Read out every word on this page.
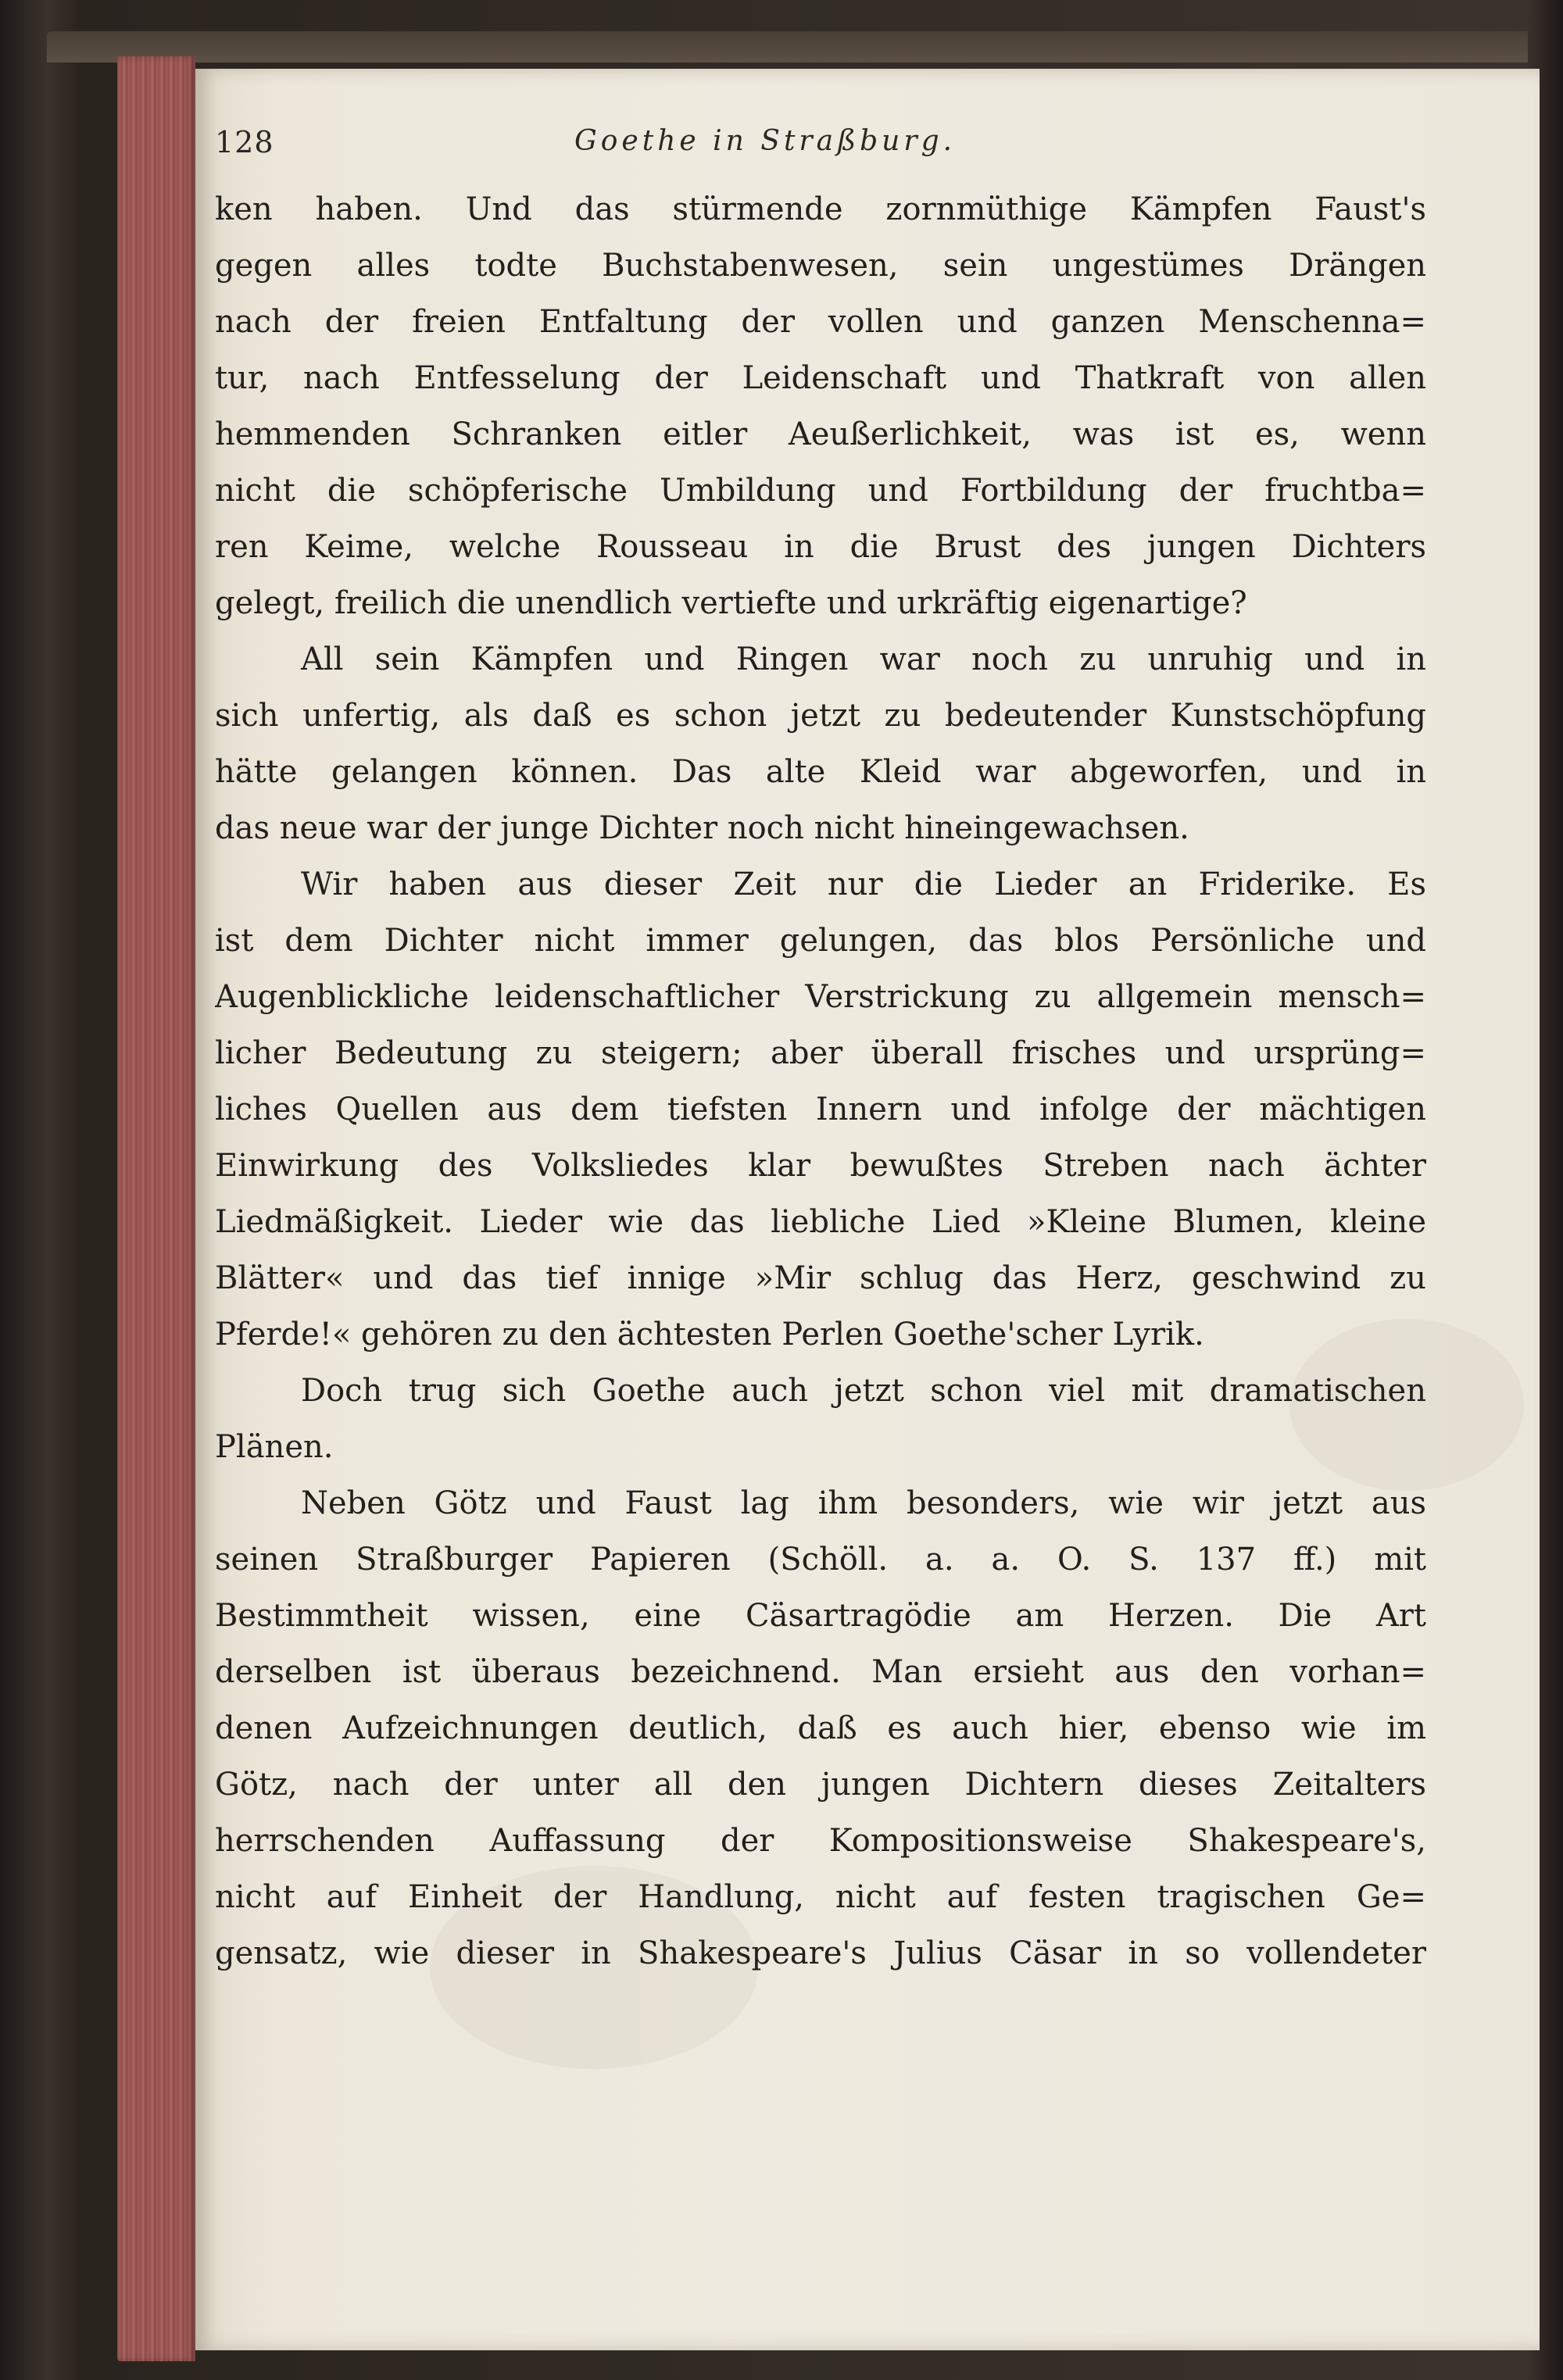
128	Goethe in Straßburg.
ken haben. Und das stürmende zornmüthige Kämpfen Faust's
gegen alles todte Buchstabenwesen, sein ungestümes Drängen
nach der freien Entfaltung der vollen und ganzen Menschenna=
tur, nach Entfesselung der Leidenschaft und Thatkraft von allen
hemmenden Schranken eitler Aeußerlichkeit, was ist es, wenn
nicht die schöpferische Umbildung und Fortbildung der fruchtba=
ren Keime, welche Rousseau in die Brust des jungen Dichters
gelegt, freilich die unendlich vertiefte und urkräftig eigenartige?
All sein Kämpfen und Ringen war noch zu unruhig und in
sich unfertig, als daß es schon jetzt zu bedeutender Kunstschöpfung
hätte gelangen können. Das alte Kleid war abgeworfen, und in
das neue war der junge Dichter noch nicht hineingewachsen.
Wir haben aus dieser Zeit nur die Lieder an Friderike. Es
ist dem Dichter nicht immer gelungen, das blos Persönliche und
Augenblickliche leidenschaftlicher Verstrickung zu allgemein mensch=
licher Bedeutung zu steigern; aber überall frisches und ursprüng=
liches Quellen aus dem tiefsten Innern und infolge der mächtigen
Einwirkung des Volksliedes klar bewußtes Streben nach ächter
Liedmäßigkeit. Lieder wie das liebliche Lied »Kleine Blumen, kleine
Blätter« und das tief innige »Mir schlug das Herz, geschwind zu
Pferde!« gehören zu den ächtesten Perlen Goethe'scher Lyrik.
Doch trug sich Goethe auch jetzt schon viel mit dramatischen
Plänen.
Neben Götz und Faust lag ihm besonders, wie wir jetzt aus
seinen Straßburger Papieren (Schöll. a. a. O. S. 137 ff.) mit
Bestimmtheit wissen, eine Cäsartragödie am Herzen. Die Art
derselben ist überaus bezeichnend. Man ersieht aus den vorhan=
denen Aufzeichnungen deutlich, daß es auch hier, ebenso wie im
Götz, nach der unter all den jungen Dichtern dieses Zeitalters
herrschenden Auffassung der Kompositionsweise Shakespeare's,
nicht auf Einheit der Handlung, nicht auf festen tragischen Ge=
gensatz, wie dieser in Shakespeare's Julius Cäsar in so vollendeter
